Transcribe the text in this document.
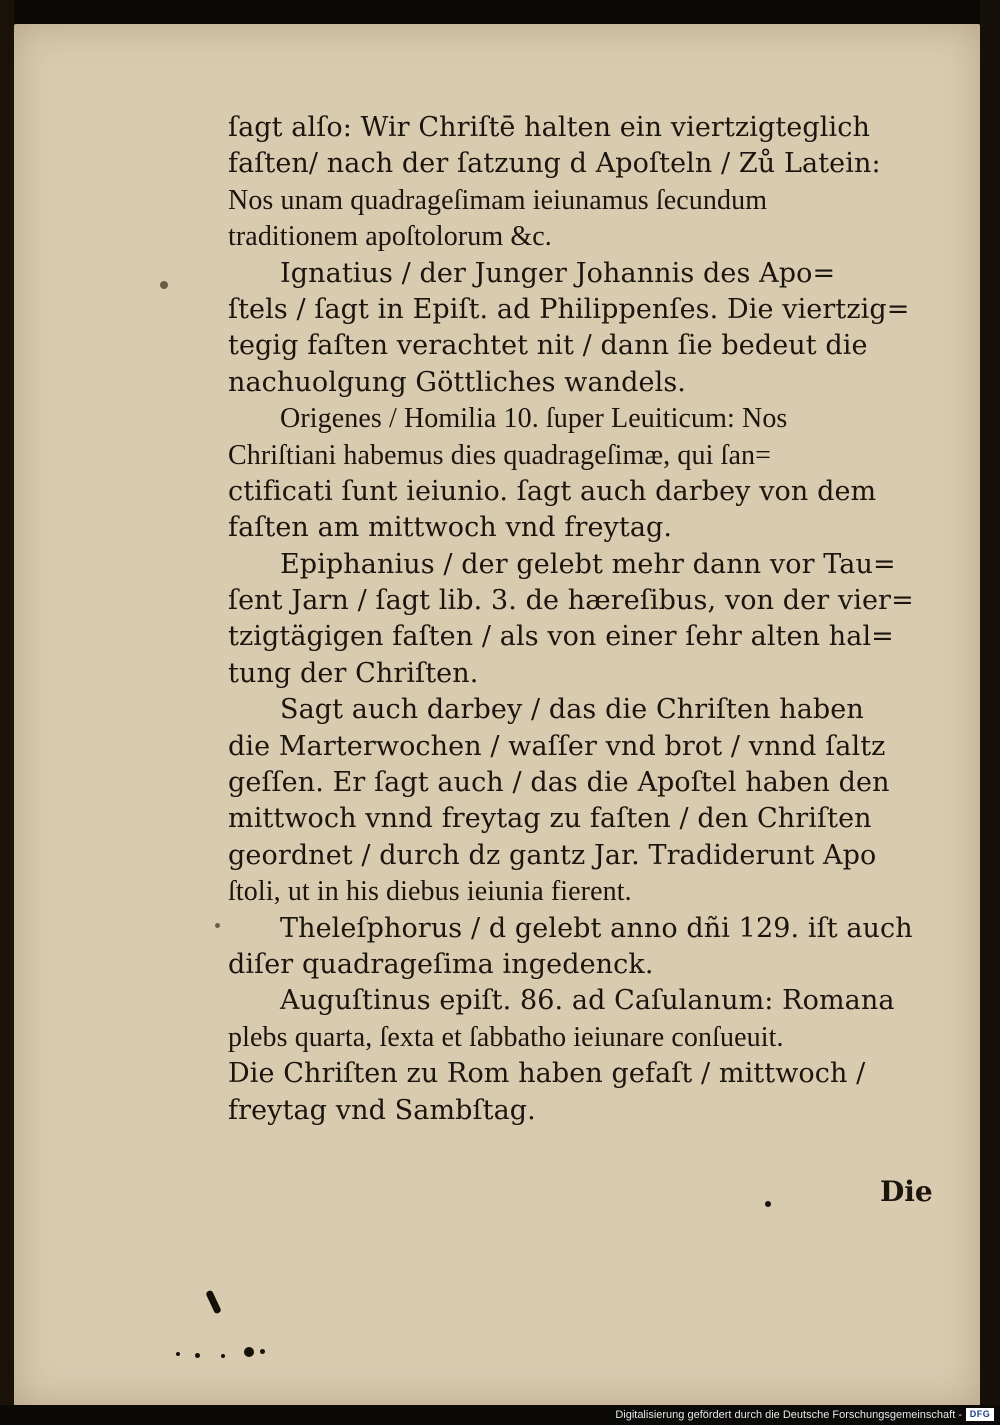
ſagt alſo: Wir Chriſtē halten ein viertzigteglich
faſten/ nach der ſatzung d Apoſteln / Zů Latein:
Nos unam quadrageſimam ieiunamus ſecundum
traditionem apoſtolorum &c.
Ignatius / der Junger Johannis des Apo=
ſtels / ſagt in Epiſt. ad Philippenſes. Die viertzig=
tegig faſten verachtet nit / dann ſie bedeut die
nachuolgung Göttliches wandels.
Origenes / Homilia 10. ſuper Leuiticum: Nos
Chriſtiani habemus dies quadrageſimæ, qui ſan=
ctificati ſunt ieiunio. ſagt auch darbey von dem
faſten am mittwoch vnd freytag.
Epiphanius / der gelebt mehr dann vor Tau=
ſent Jarn / ſagt lib. 3. de hæreſibus, von der vier=
tzigtägigen faſten / als von einer ſehr alten hal=
tung der Chriſten.
Sagt auch darbey / das die Chriſten haben
die Marterwochen / waſſer vnd brot / vnnd ſaltz
geſſen. Er ſagt auch / das die Apoſtel haben den
mittwoch vnnd freytag zu faſten / den Chriſten
geordnet / durch dz gantz Jar. Tradiderunt Apo
ſtoli, ut in his diebus ieiunia fierent.
Theleſphorus / d gelebt anno dñi 129. iſt auch
diſer quadrageſima ingedenck.
Auguſtinus epiſt. 86. ad Caſulanum: Romana
plebs quarta, ſexta et ſabbatho ieiunare conſueuit.
Die Chriſten zu Rom haben gefaſt / mittwoch /
freytag vnd Sambſtag.
Die
Digitalisierung gefördert durch die Deutsche Forschungsgemeinschaft - DFG
